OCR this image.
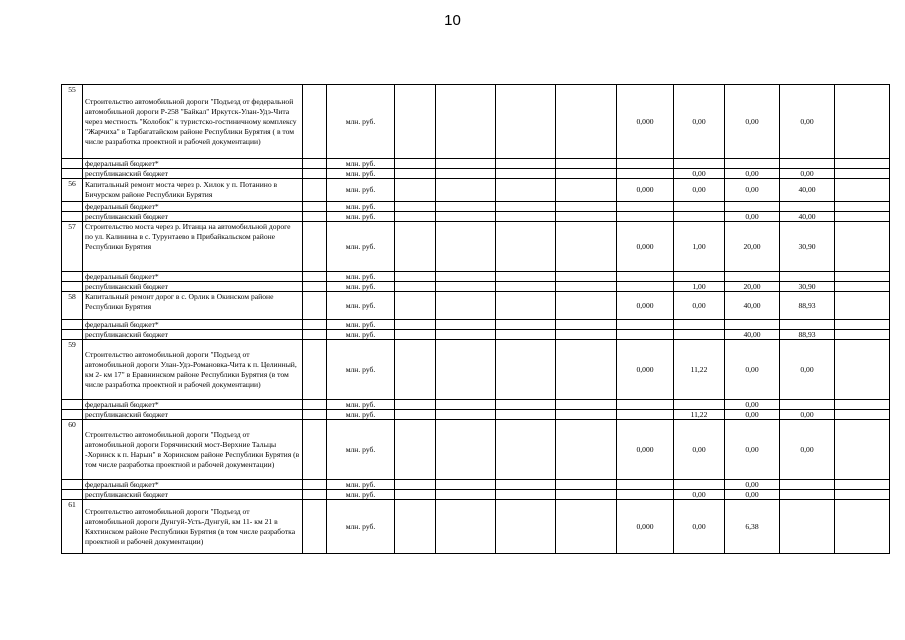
10
55	Строительство автомобильной дороги "Подъезд от федеральной автомобильной дороги Р-258 "Байкал" Иркутск-Улан-Удэ-Чита через местность "Колобок" к туристско-гостиничному комплексу "Жарчиха" в Тарбагатайском районе Республики Бурятия ( в том числе разработка проектной и рабочей документации)		млн. руб.					0,000	0,00	0,00	0,00	
	федеральный бюджет*		млн. руб.									
	республиканский бюджет		млн. руб.						0,00	0,00	0,00	
56	Капитальный ремонт моста через р. Хилок у п. Потанино в Бичурском районе Республики Бурятия		млн. руб.					0,000	0,00	0,00	40,00	
	федеральный бюджет*		млн. руб.									
	республиканский бюджет		млн. руб.							0,00	40,00	
57	Строительство моста через р. Итанца на автомобильной дороге по ул. Калинина в с. Турунтаево в Прибайкальском районе Республики Бурятия		млн. руб.					0,000	1,00	20,00	30,90	
	федеральный бюджет*		млн. руб.									
	республиканский бюджет		млн. руб.						1,00	20,00	30,90	
58	Капитальный ремонт дорог в с. Орлик в Окинском районе Республики Бурятия		млн. руб.					0,000	0,00	40,00	88,93	
	федеральный бюджет*		млн. руб.									
	республиканский бюджет		млн. руб.							40,00	88,93	
59	Строительство автомобильной дороги "Подъезд от автомобильной дороги Улан-Удэ-Романовка-Чита к п. Целинный, км 2- км 17" в Еравнинском районе Республики Бурятия (в том числе разработка проектной и рабочей документации)		млн. руб.					0,000	11,22	0,00	0,00	
	федеральный бюджет*		млн. руб.							0,00		
	республиканский бюджет		млн. руб.						11,22	0,00	0,00	
60	Строительство автомобильной дороги "Подъезд от автомобильной дороги Горячинский мост-Верхние Тальцы -Хоринск к п. Нарын" в Хоринском районе Республики Бурятия (в том числе разработка проектной и рабочей документации)		млн. руб.					0,000	0,00	0,00	0,00	
	федеральный бюджет*		млн. руб.							0,00		
	республиканский бюджет		млн. руб.						0,00	0,00		
61	Строительство автомобильной дороги "Подъезд от автомобильной дороги Дунгуй-Усть-Дунгуй, км 11- км 21 в Кяхтинском районе Республики Бурятия (в том числе разработка проектной и рабочей документации)		млн. руб.					0,000	0,00	6,38		
